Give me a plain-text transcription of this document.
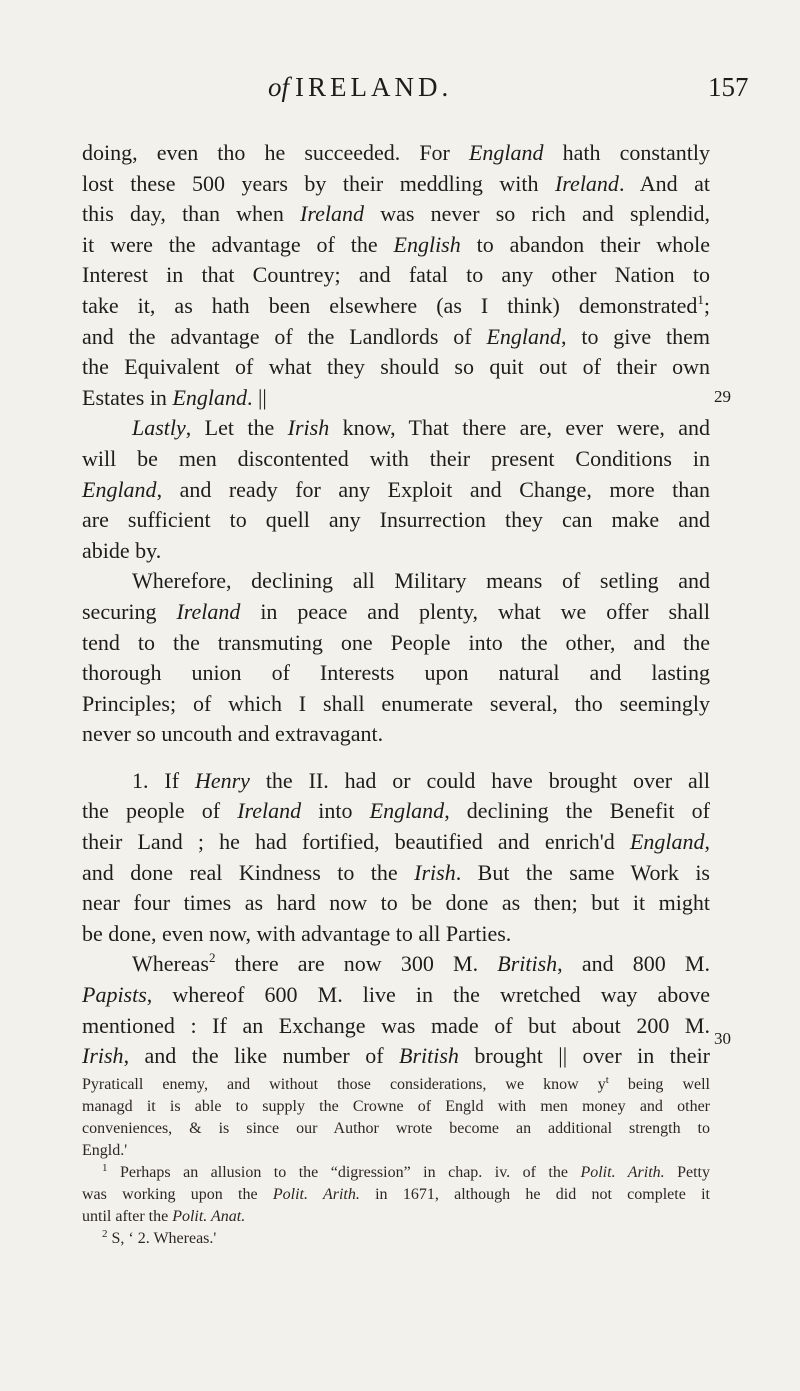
of IRELAND.	157
29
30
doing, even tho he succeeded. For England hath constantly
lost these 500 years by their meddling with Ireland. And at
this day, than when Ireland was never so rich and splendid,
it were the advantage of the English to abandon their whole
Interest in that Countrey; and fatal to any other Nation to
take it, as hath been elsewhere (as I think) demonstrated$^1$;
and the advantage of the Landlords of England, to give them
the Equivalent of what they should so quit out of their own
Estates in England. ||
Lastly, Let the Irish know, That there are, ever were, and
will be men discontented with their present Conditions in
England, and ready for any Exploit and Change, more than
are sufficient to quell any Insurrection they can make and
abide by.
Wherefore, declining all Military means of setling and
securing Ireland in peace and plenty, what we offer shall
tend to the transmuting one People into the other, and the
thorough union of Interests upon natural and lasting
Principles; of which I shall enumerate several, tho seemingly
never so uncouth and extravagant.
1. If Henry the II. had or could have brought over all
the people of Ireland into England, declining the Benefit of
their Land ; he had fortified, beautified and enrich'd England,
and done real Kindness to the Irish. But the same Work is
near four times as hard now to be done as then; but it might
be done, even now, with advantage to all Parties.
Whereas$^2$ there are now 300 M. British, and 800 M.
Papists, whereof 600 M. live in the wretched way above
mentioned : If an Exchange was made of but about 200 M.
Irish, and the like number of British brought || over in their
Pyraticall enemy, and without those considerations, we know $y^t$ being well
managd it is able to supply the Crowne of Engld with men money and other
conveniences, & is since our Author wrote become an additional strength to
Engld.'
$^1$ Perhaps an allusion to the “digression” in chap. iv. of the Polit. Arith. Petty
was working upon the Polit. Arith. in 1671, although he did not complete it
until after the Polit. Anat.
$^2$ S, ‘ 2. Whereas.'
